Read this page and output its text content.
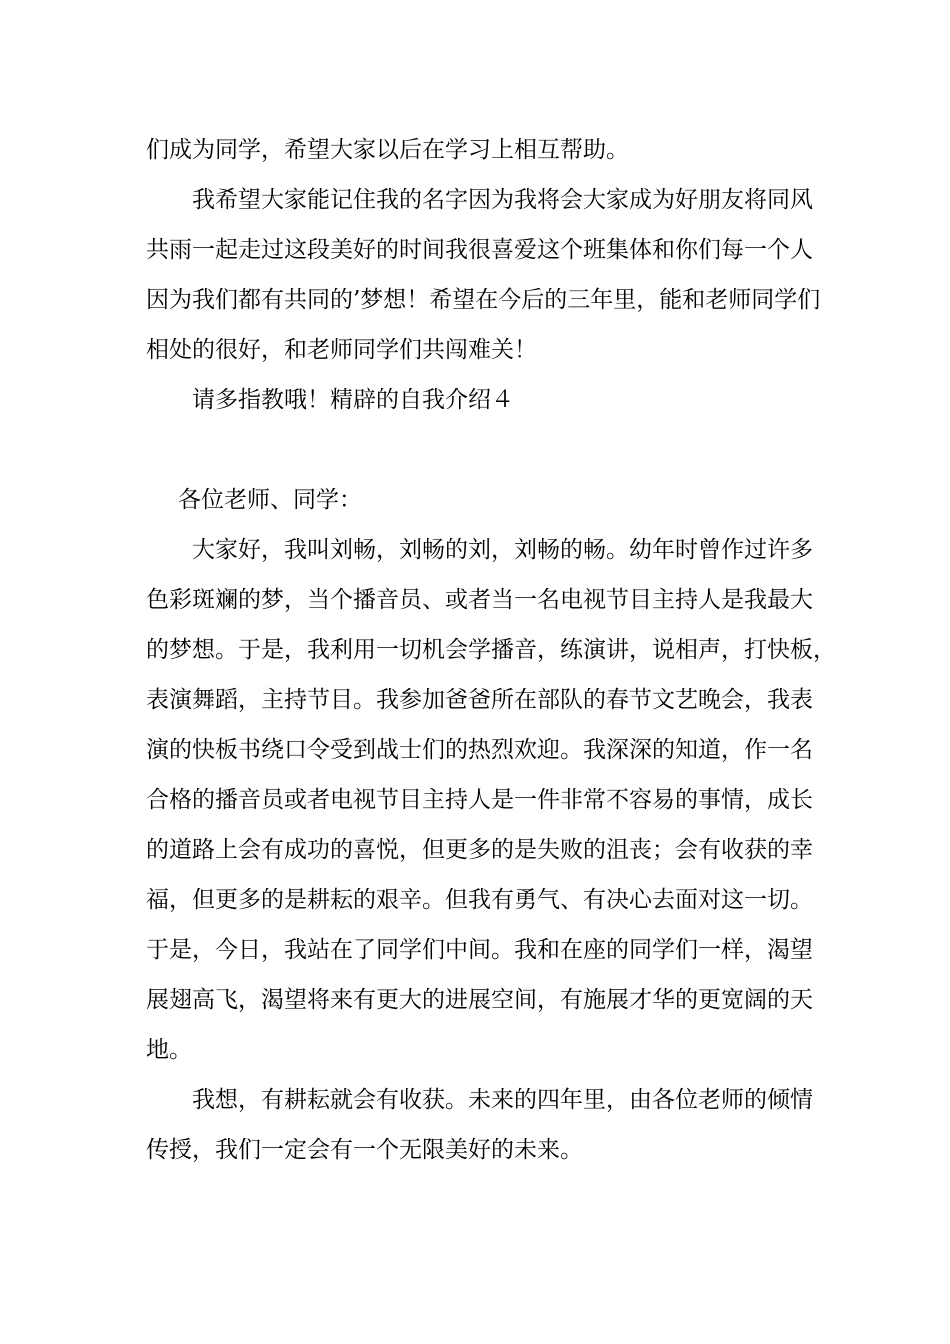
们成为同学，希望大家以后在学习上相互帮助。
我希望大家能记住我的名字因为我将会大家成为好朋友将同风
共雨一起走过这段美好的时间我很喜爱这个班集体和你们每一个人
因为我们都有共同的’梦想！希望在今后的三年里，能和老师同学们
相处的很好，和老师同学们共闯难关！
请多指教哦！精辟的自我介绍４
各位老师、同学：
大家好，我叫刘畅，刘畅的刘，刘畅的畅。幼年时曾作过许多
色彩斑斓的梦，当个播音员、或者当一名电视节目主持人是我最大
的梦想。于是，我利用一切机会学播音，练演讲，说相声，打快板，
表演舞蹈，主持节目。我参加爸爸所在部队的春节文艺晚会，我表
演的快板书绕口令受到战士们的热烈欢迎。我深深的知道，作一名
合格的播音员或者电视节目主持人是一件非常不容易的事情，成长
的道路上会有成功的喜悦，但更多的是失败的沮丧；会有收获的幸
福，但更多的是耕耘的艰辛。但我有勇气、有决心去面对这一切。
于是，今日，我站在了同学们中间。我和在座的同学们一样，渴望
展翅高飞，渴望将来有更大的进展空间，有施展才华的更宽阔的天
地。
我想，有耕耘就会有收获。未来的四年里，由各位老师的倾情
传授，我们一定会有一个无限美好的未来。
